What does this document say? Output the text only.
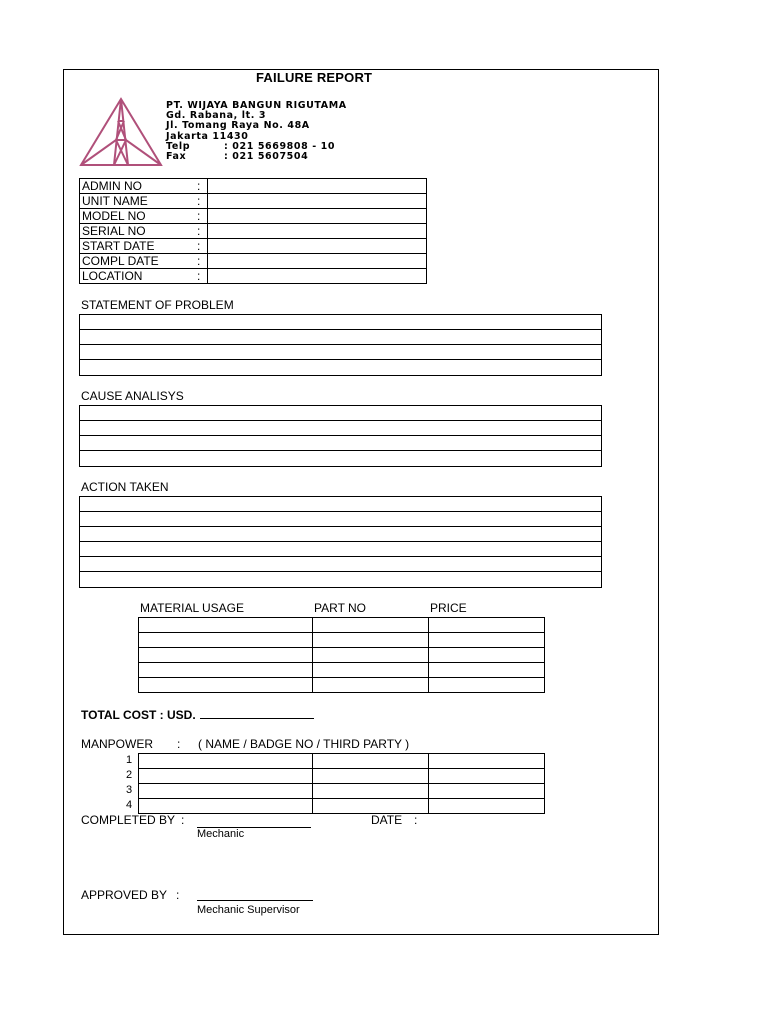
FAILURE REPORT
PT. WIJAYA BANGUN RIGUTAMA
Gd. Rabana, lt. 3
Jl. Tomang Raya No. 48A
Jakarta 11430
Telp	: 021 5669808 - 10
Fax	: 021 5607504
ADMIN NO	:	
UNIT NAME	:	
MODEL NO	:	
SERIAL NO	:	
START DATE	:	
COMPL DATE	:	
LOCATION	:	
STATEMENT OF PROBLEM
CAUSE ANALISYS
ACTION TAKEN
MATERIAL USAGE	PART NO	PRICE

TOTAL COST : USD.
MANPOWER : ( NAME / BADGE NO / THIRD PARTY )
1
2
3
4

COMPLETED BY :
Mechanic
DATE :
APPROVED BY :
Mechanic Supervisor
